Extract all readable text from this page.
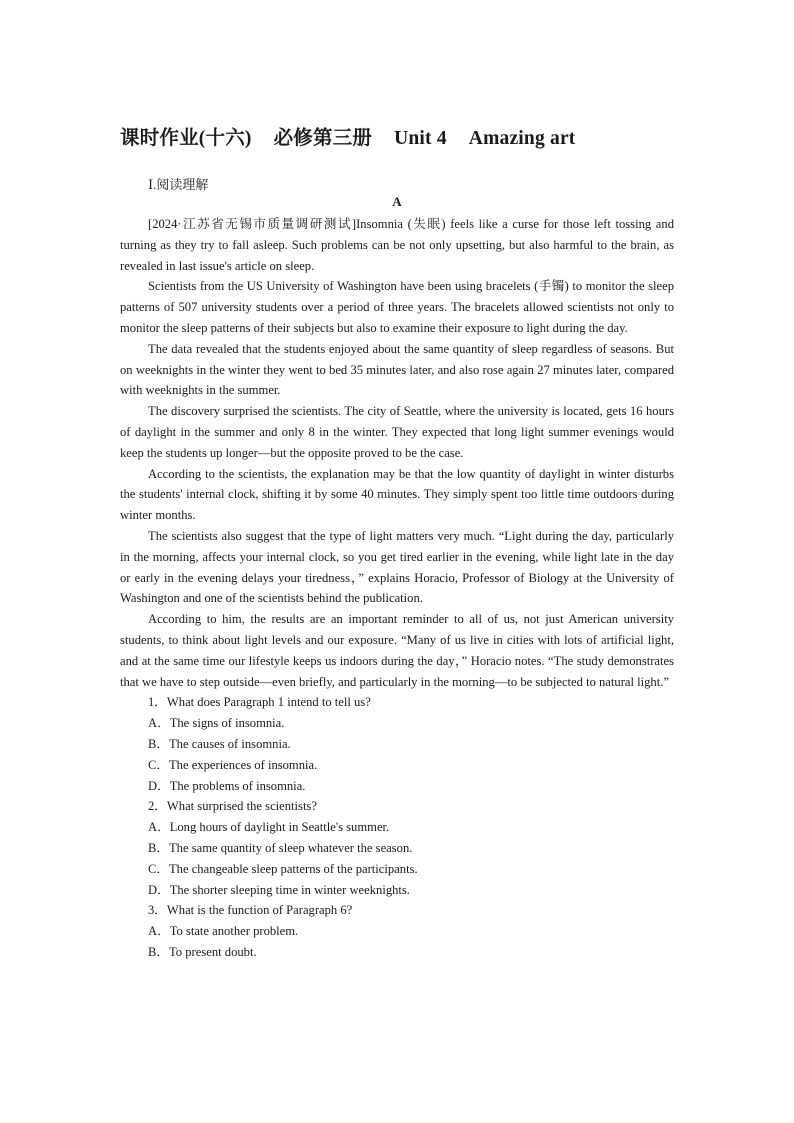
课时作业(十六) 必修第三册 Unit 4 Amazing art
Ⅰ.阅读理解
A

[2024·江苏省无锡市质量调研测试]Insomnia (失眠) feels like a curse for those left tossing and turning as they try to fall asleep. Such problems can be not only upsetting, but also harmful to the brain, as revealed in last issue's article on sleep.

Scientists from the US University of Washington have been using bracelets (手镯) to monitor the sleep patterns of 507 university students over a period of three years. The bracelets allowed scientists not only to monitor the sleep patterns of their subjects but also to examine their exposure to light during the day.

The data revealed that the students enjoyed about the same quantity of sleep regardless of seasons. But on weeknights in the winter they went to bed 35 minutes later, and also rose again 27 minutes later, compared with weeknights in the summer.

The discovery surprised the scientists. The city of Seattle, where the university is located, gets 16 hours of daylight in the summer and only 8 in the winter. They expected that long light summer evenings would keep the students up longer—but the opposite proved to be the case.

According to the scientists, the explanation may be that the low quantity of daylight in winter disturbs the students' internal clock, shifting it by some 40 minutes. They simply spent too little time outdoors during winter months.

The scientists also suggest that the type of light matters very much. “Light during the day, particularly in the morning, affects your internal clock, so you get tired earlier in the evening, while light late in the day or early in the evening delays your tiredness，” explains Horacio, Professor of Biology at the University of Washington and one of the scientists behind the publication.

According to him, the results are an important reminder to all of us, not just American university students, to think about light levels and our exposure. “Many of us live in cities with lots of artificial light, and at the same time our lifestyle keeps us indoors during the day，” Horacio notes. “The study demonstrates that we have to step outside—even briefly, and particularly in the morning—to be subjected to natural light.”

1．What does Paragraph 1 intend to tell us?
A．The signs of insomnia.
B．The causes of insomnia.
C．The experiences of insomnia.
D．The problems of insomnia.
2．What surprised the scientists?
A．Long hours of daylight in Seattle's summer.
B．The same quantity of sleep whatever the season.
C．The changeable sleep patterns of the participants.
D．The shorter sleeping time in winter weeknights.
3．What is the function of Paragraph 6?
A．To state another problem.
B．To present doubt.
